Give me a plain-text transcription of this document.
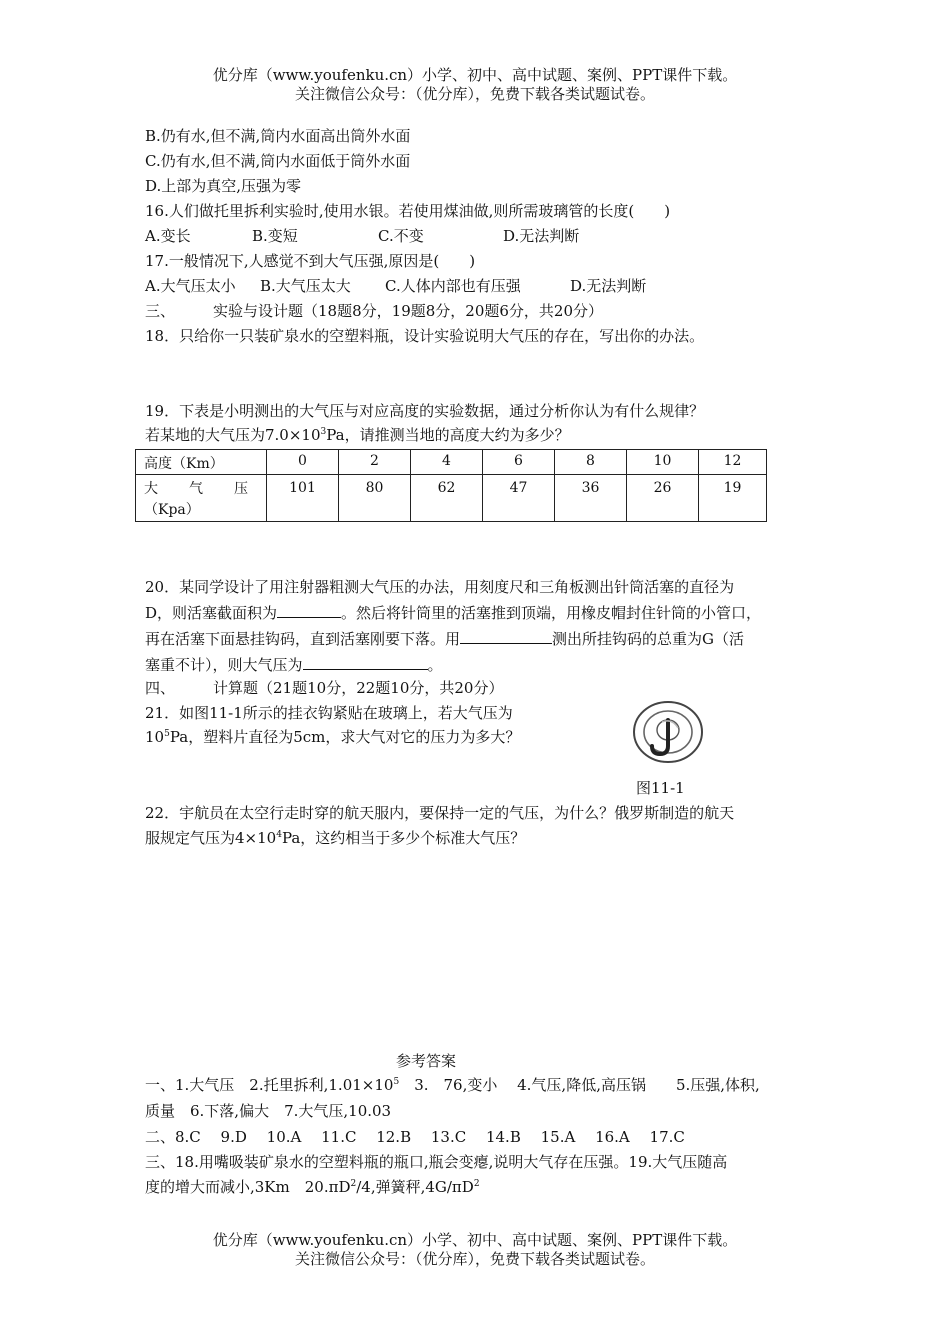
优分库（www.youfenku.cn）小学、初中、高中试题、案例、PPT课件下载。
关注微信公众号：（优分库），免费下载各类试题试卷。
B.仍有水,但不满,筒内水面高出筒外水面
C.仍有水,但不满,筒内水面低于筒外水面
D.上部为真空,压强为零
16.人们做托里拆利实验时,使用水银。若使用煤油做,则所需玻璃管的长度(　　)
A.变长	B.变短	C.不变	D.无法判断
17.一般情况下,人感觉不到大气压强,原因是(　　)
A.大气压太小 B.大气压太大 C.人体内部也有压强	D.无法判断
三、	实验与设计题（18题8分，19题8分，20题6分，共20分）
18．只给你一只装矿泉水的空塑料瓶，设计实验说明大气压的存在，写出你的办法。
19．下表是小明测出的大气压与对应高度的实验数据，通过分析你认为有什么规律？
若某地的大气压为$7.0\times 10^3Pa$，请推测当地的高度大约为多少？
高度（Km）	0	2	4	6	8	10	12

大 气 压
（Kpa）	101	80	62	47	36	26	19
20．某同学设计了用注射器粗测大气压的办法，用刻度尺和三角板测出针筒活塞的直径为
D，则活塞截面积为	。然后将针筒里的活塞推到顶端，用橡皮帽封住针筒的小管口，
再在活塞下面悬挂钩码，直到活塞刚要下落。用	测出所挂钩码的总重为G（活
塞重不计），则大气压为	。
四、	计算题（21题10分，22题10分，共20分）
21．如图11-1所示的挂衣钩紧贴在玻璃上，若大气压为
$10^5Pa$，塑料片直径为5cm，求大气对它的压力为多大？
图11-1
22．宇航员在太空行走时穿的航天服内，要保持一定的气压，为什么？俄罗斯制造的航天
服规定气压为$4\times 10^4Pa$，这约相当于多少个标准大气压？
参考答案
一、1.大气压　2.托里拆利$,1.01\times 10^5$　3.　76,变小　 4.气压,降低,高压锅　　5.压强,体积,
质量　6.下落,偏大　7.大气压,10.03
二、8.C　 9.D　 10.A　 11.C　 12.B　 13.C　 14.B　 15.A　 16.A　 17.C
三、18.用嘴吸装矿泉水的空塑料瓶的瓶口,瓶会变瘪,说明大气存在压强。19.大气压随高
度的增大而减小,3Km　$20.\pi D^2/4$,弹簧秤$,4G/\pi D^2$
优分库（www.youfenku.cn）小学、初中、高中试题、案例、PPT课件下载。
关注微信公众号：（优分库），免费下载各类试题试卷。
